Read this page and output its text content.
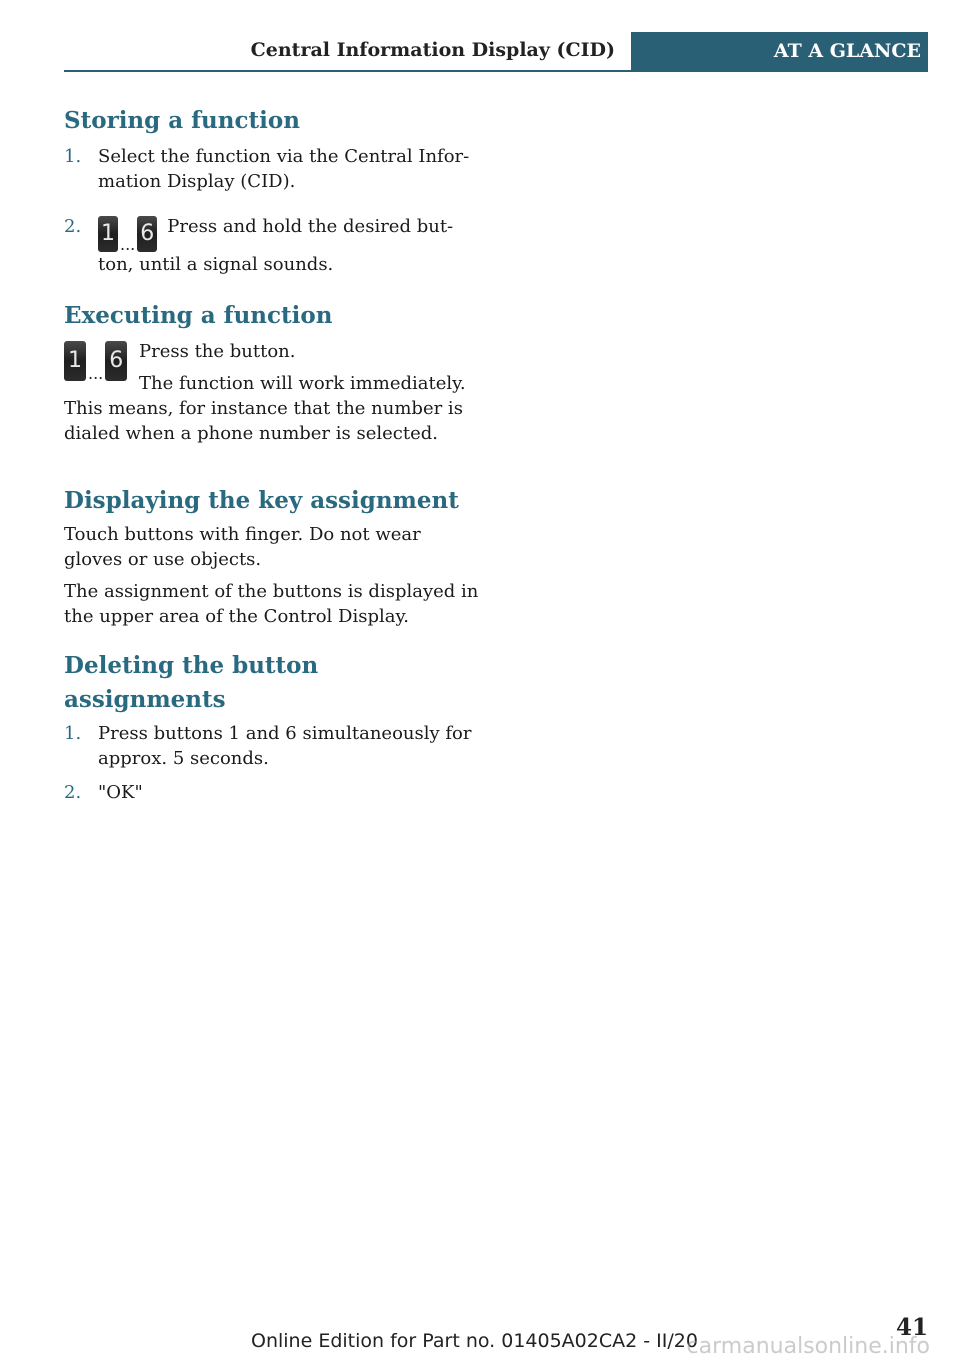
Central Information Display (CID)	AT A GLANCE
Storing a function
1. Select the function via the Central Infor‐ mation Display (CID).
2. 1 ... 6 Press and hold the desired but‐ ton, until a signal sounds.
Executing a function
1 ... 6 Press the button.

The function will work immediately. This means, for instance that the number is dialed when a phone number is selected.

Displaying the key assignment

Touch buttons with finger. Do not wear gloves or use objects.

The assignment of the buttons is displayed in the upper area of the Control Display.

Deleting the button assignments
1. Press buttons 1 and 6 simultaneously for approx. 5 seconds.
2. "OK"
Online Edition for Part no. 01405A02CA2 - II/20	41
carmanualsonline.info
